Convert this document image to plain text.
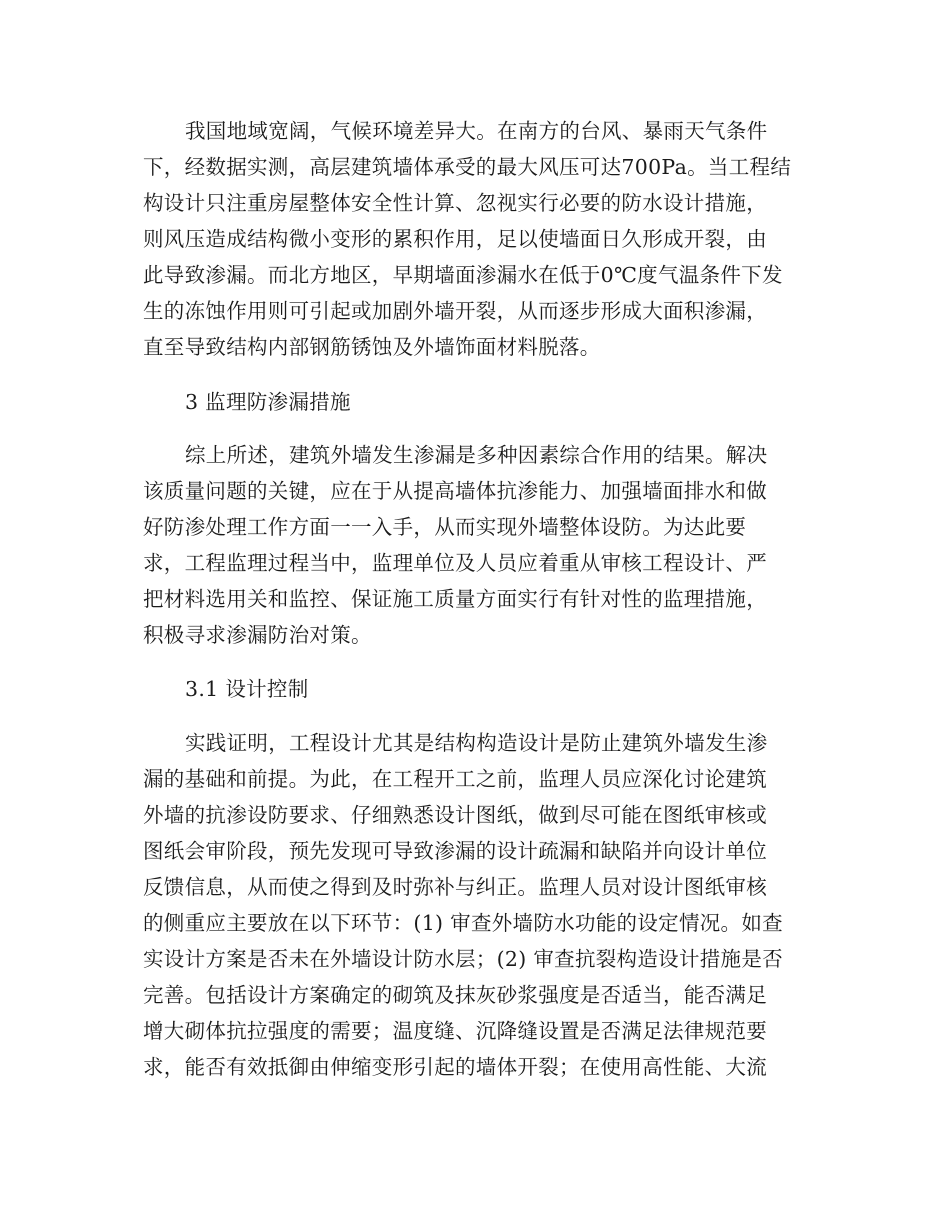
我国地域宽阔，气候环境差异大。在南方的台风、暴雨天气条件
下，经数据实测，高层建筑墙体承受的最大风压可达700Pa。当工程结
构设计只注重房屋整体安全性计算、忽视实行必要的防水设计措施，
则风压造成结构微小变形的累积作用，足以使墙面日久形成开裂，由
此导致渗漏。而北方地区，早期墙面渗漏水在低于0℃度气温条件下发
生的冻蚀作用则可引起或加剧外墙开裂，从而逐步形成大面积渗漏，
直至导致结构内部钢筋锈蚀及外墙饰面材料脱落。
3 监理防渗漏措施
综上所述，建筑外墙发生渗漏是多种因素综合作用的结果。解决
该质量问题的关键，应在于从提高墙体抗渗能力、加强墙面排水和做
好防渗处理工作方面一一入手，从而实现外墙整体设防。为达此要
求，工程监理过程当中，监理单位及人员应着重从审核工程设计、严
把材料选用关和监控、保证施工质量方面实行有针对性的监理措施，
积极寻求渗漏防治对策。
3.1 设计控制
实践证明，工程设计尤其是结构构造设计是防止建筑外墙发生渗
漏的基础和前提。为此，在工程开工之前，监理人员应深化讨论建筑
外墙的抗渗设防要求、仔细熟悉设计图纸，做到尽可能在图纸审核或
图纸会审阶段，预先发现可导致渗漏的设计疏漏和缺陷并向设计单位
反馈信息，从而使之得到及时弥补与纠正。监理人员对设计图纸审核
的侧重应主要放在以下环节：(1) 审查外墙防水功能的设定情况。如查
实设计方案是否未在外墙设计防水层；(2) 审查抗裂构造设计措施是否
完善。包括设计方案确定的砌筑及抹灰砂浆强度是否适当，能否满足
增大砌体抗拉强度的需要；温度缝、沉降缝设置是否满足法律规范要
求，能否有效抵御由伸缩变形引起的墙体开裂；在使用高性能、大流
